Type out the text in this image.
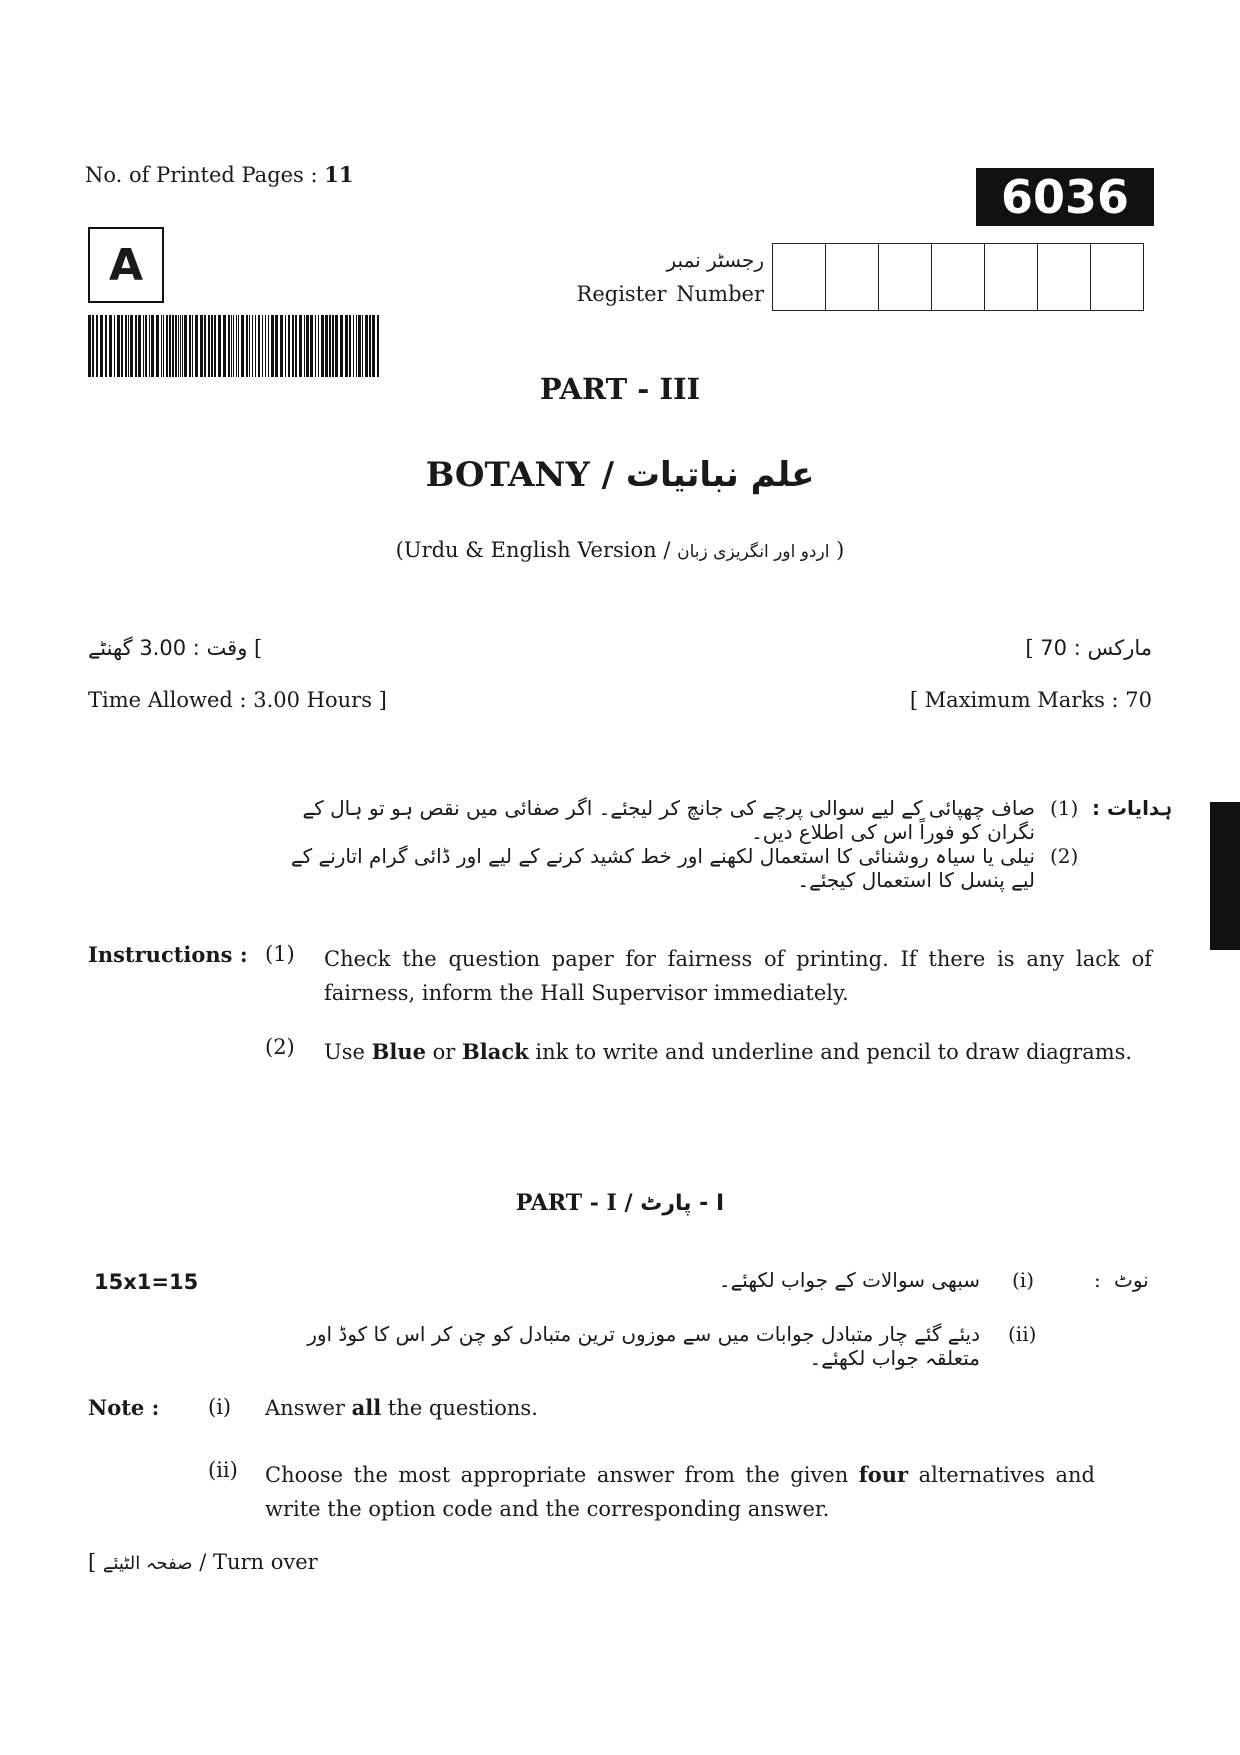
No. of Printed Pages : 11	6036
A	رجسٹر نمبر
Register Number
PART - III
BOTANY / علم نباتیات
(Urdu & English Version / اردو اور انگریزی زبان )
وقت : 3.00 گھنٹے [	[ مارکس : 70
Time Allowed : 3.00 Hours ]	[ Maximum Marks : 70
ہدایات :
(1)
صاف چھپائی کے لیے سوالی پرچے کی جانچ کر لیجئے۔ اگر صفائی میں نقص ہو تو ہال کے نگران کو فوراً اس کی اطلاع دیں۔
(2)
نیلی یا سیاہ روشنائی کا استعمال لکھنے اور خط کشید کرنے کے لیے اور ڈائی گرام اتارنے کے لیے پنسل کا استعمال کیجئے۔
Instructions : (1) Check the question paper for fairness of printing. If there is any lack of fairness, inform the Hall Supervisor immediately.
(2) Use Blue or Black ink to write and underline and pencil to draw diagrams.
PART - I / I - پارٹ
15x1=15	نوٹ
:
(i)
سبھی سوالات کے جواب لکھئے۔
(ii)
دیئے گئے چار متبادل جوابات میں سے موزوں ترین متبادل کو چن کر اس کا کوڈ اور متعلقہ جواب لکھئے۔
Note : (i) Answer all the questions.
(ii) Choose the most appropriate answer from the given four alternatives and write the option code and the corresponding answer.
[ صفحہ الٹیئے / Turn over
